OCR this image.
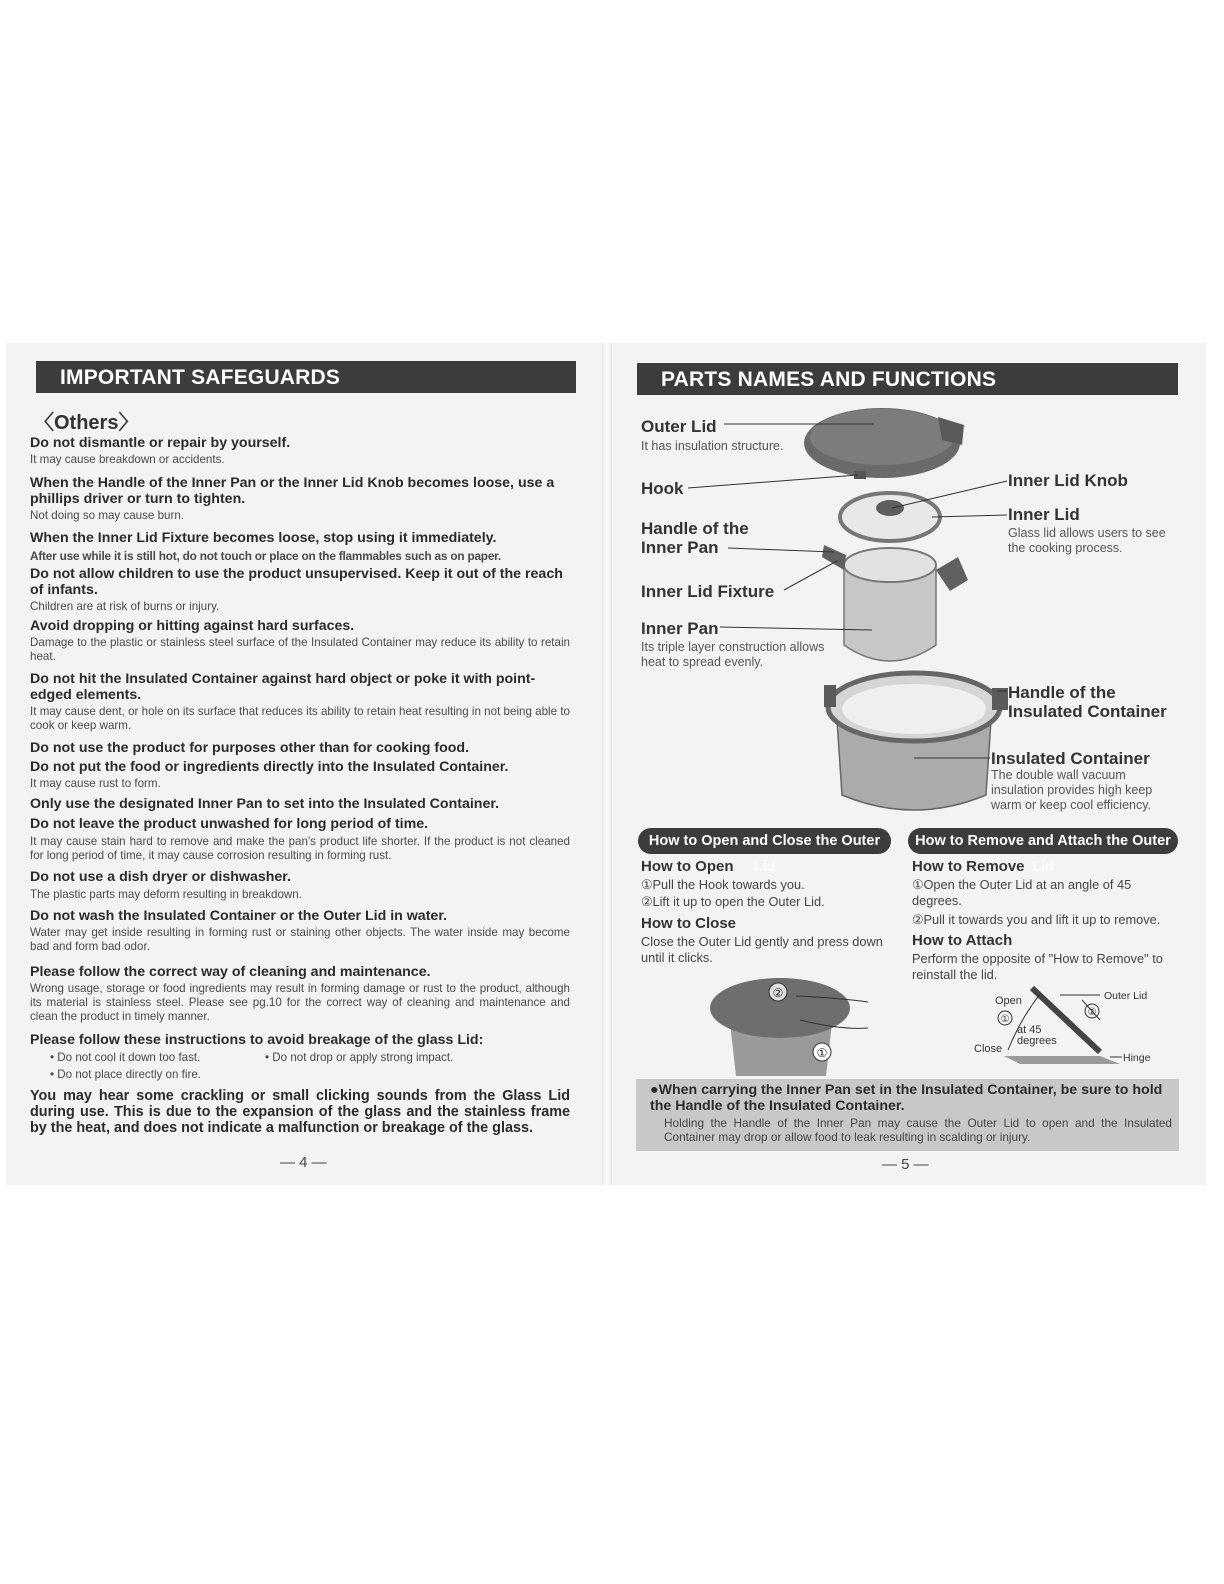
IMPORTANT SAFEGUARDS
〈Others〉
Do not dismantle or repair by yourself.
It may cause breakdown or accidents.
When the Handle of the Inner Pan or the Inner Lid Knob becomes loose, use a phillips driver or turn to tighten.
Not doing so may cause burn.
When the Inner Lid Fixture becomes loose, stop using it immediately.
After use while it is still hot, do not touch or place on the flammables such as on paper.
Do not allow children to use the product unsupervised. Keep it out of the reach of infants.
Children are at risk of burns or injury.
Avoid dropping or hitting against hard surfaces.
Damage to the plastic or stainless steel surface of the Insulated Container may reduce its ability to retain heat.
Do not hit the Insulated Container against hard object or poke it with point-edged elements.
It may cause dent, or hole on its surface that reduces its ability to retain heat resulting in not being able to cook or keep warm.
Do not use the product for purposes other than for cooking food.
Do not put the food or ingredients directly into the Insulated Container.
It may cause rust to form.
Only use the designated Inner Pan to set into the Insulated Container.
Do not leave the product unwashed for long period of time.
It may cause stain hard to remove and make the pan's product life shorter. If the product is not cleaned for long period of time, it may cause corrosion resulting in forming rust.
Do not use a dish dryer or dishwasher.
The plastic parts may deform resulting in breakdown.
Do not wash the Insulated Container or the Outer Lid in water.
Water may get inside resulting in forming rust or staining other objects. The water inside may become bad and form bad odor.
Please follow the correct way of cleaning and maintenance.
Wrong usage, storage or food ingredients may result in forming damage or rust to the product, although its material is stainless steel. Please see pg.10 for the correct way of cleaning and maintenance and clean the product in timely manner.
Please follow these instructions to avoid breakage of the glass Lid:
• Do not cool it down too fast.	• Do not drop or apply strong impact.
• Do not place directly on fire.
You may hear some crackling or small clicking sounds from the Glass Lid during use. This is due to the expansion of the glass and the stainless frame by the heat, and does not indicate a malfunction or breakage of the glass.
— 4 —
PARTS NAMES AND FUNCTIONS
Outer Lid
It has insulation structure.
Hook
Handle of the Inner Pan
Inner Lid Fixture
Inner Pan
Its triple layer construction allows heat to spread evenly.
Inner Lid Knob
Inner Lid
Glass lid allows users to see the cooking process.
Handle of the Insulated Container
Insulated Container
The double wall vacuum insulation provides high keep warm or keep cool efficiency.
How to Open and Close the Outer Lid
How to Remove and Attach the Outer Lid
How to Open
①Pull the Hook towards you.
②Lift it up to open the Outer Lid.
How to Close
Close the Outer Lid gently and press down until it clicks.
How to Remove
①Open the Outer Lid at an angle of 45 degrees.
②Pull it towards you and lift it up to remove.
How to Attach
Perform the opposite of "How to Remove" to reinstall the lid.
②
①
Open
Close
at 45
degrees
Outer Lid
Hinge
①
②
●When carrying the Inner Pan set in the Insulated Container, be sure to hold the Handle of the Insulated Container.
Holding the Handle of the Inner Pan may cause the Outer Lid to open and the Insulated Container may drop or allow food to leak resulting in scalding or injury.
— 5 —
